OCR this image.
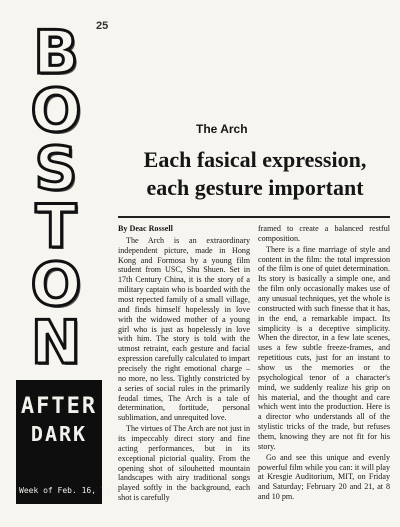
25
B
O
S
T
O
N
AFTER
DARK
Week of Feb. 16, 1970
The Arch
Each fasical expression,
each gesture important
By Deac Rossell

The Arch is an extraordinary independent picture, made in Hong Kong and Formosa by a young film student from USC, Shu Shuen. Set in 17th Century China, it is the story of a military captain who is boarded with the most repected family of a small village, and finds himself hopelessly in love with the widowed mother of a young girl who is just as hopelessly in love with him. The story is told with the utmost retraint, each gesture and facial expression carefully calculated to impart precisely the right emotional charge – no more, no less. Tightly constricted by a series of social rules in the primarily feudal times, The Arch is a tale of determination, fortitude, personal sublimation, and unrequited love.

The virtues of The Arch are not just in its impeccably direct story and fine acting performances, but in its exceptional pictorial quality. From the opening shot of silouhetted mountain landscapes with airy traditional songs played softly in the background, each shot is carefully

framed to create a balanced restful composition.

There is a fine marriage of style and content in the film: the total impression of the film is one of quiet determination. Its story is basically a simple one, and the film only occasionally makes use of any unusual techniques, yet the whole is constructed with such finesse that it has, in the end, a remarkable impact. Its simplicity is a deceptive simplicity. When the director, in a few late scenes, uses a few subtle freeze-frames, and repetitious cuts, just for an instant to show us the memories or the psychological tenor of a character's mind, we suddenly realize his grip on his material, and the thought and care which went into the production. Here is a director who understands all of the stylistic tricks of the trade, but refuses them, knowing they are not fit for his story.

Go and see this unique and evenly powerful film while you can: it will play at Kresgie Auditorium, MIT, on Friday and Saturday; February 20 and 21, at 8 and 10 pm.
